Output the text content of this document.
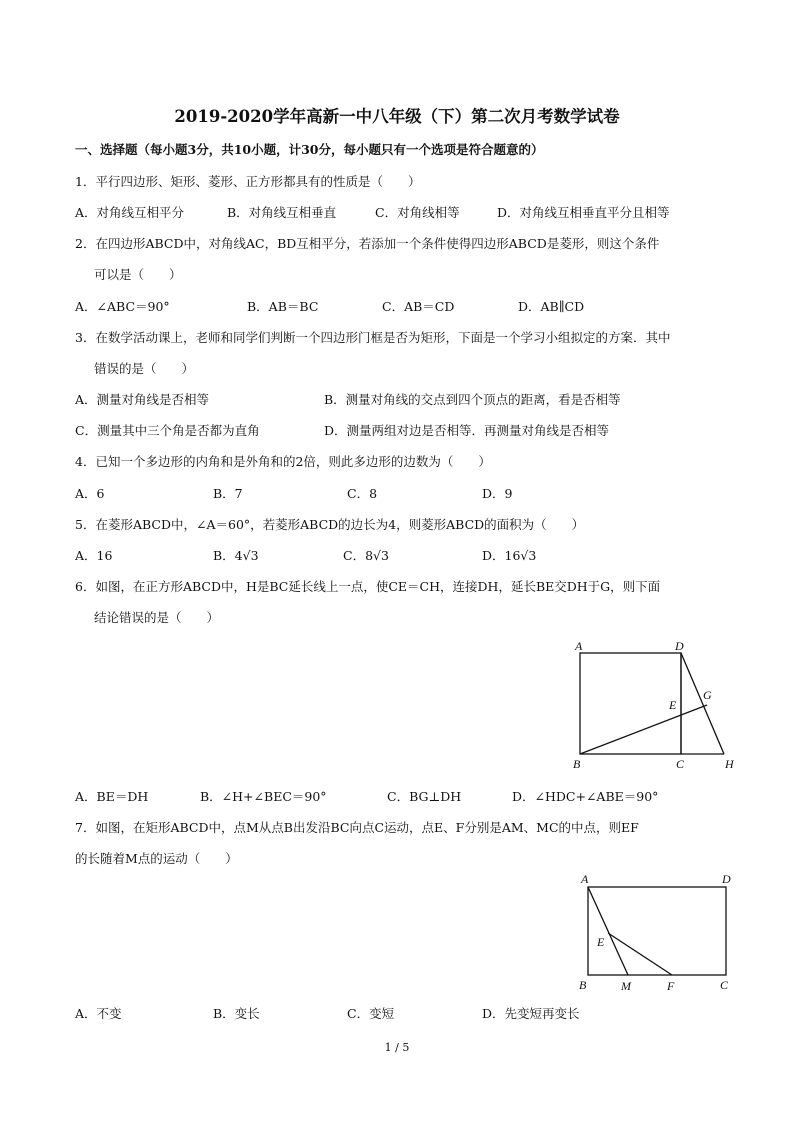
2019-2020学年高新一中八年级（下）第二次月考数学试卷
一、选择题（每小题3分，共10小题，计30分，每小题只有一个选项是符合题意的）
1．平行四边形、矩形、菱形、正方形都具有的性质是（　　）
A．对角线互相平分	B．对角线互相垂直	C．对角线相等	D．对角线互相垂直平分且相等
2．在四边形ABCD中，对角线AC，BD互相平分，若添加一个条件使得四边形ABCD是菱形，则这个条件
可以是（　　）
A．∠ABC＝90°	B．AB＝BC	C．AB＝CD	D．AB∥CD
3．在数学活动课上，老师和同学们判断一个四边形门框是否为矩形，下面是一个学习小组拟定的方案．其中
错误的是（　　）
A．测量对角线是否相等	B．测量对角线的交点到四个顶点的距离，看是否相等
C．测量其中三个角是否都为直角	D．测量两组对边是否相等．再测量对角线是否相等
4．已知一个多边形的内角和是外角和的2倍，则此多边形的边数为（　　）
A．6	B．7	C．8	D．9
5．在菱形ABCD中，∠A＝60°，若菱形ABCD的边长为4，则菱形ABCD的面积为（　　）
A．16	B．4√3	C．8√3	D．16√3
6．如图，在正方形ABCD中，H是BC延长线上一点，使CE＝CH，连接DH，延长BE交DH于G，则下面
结论错误的是（　　）
A	D
G
E
B	C	H
A．BE＝DH	B．∠H+∠BEC＝90°	C．BG⊥DH	D．∠HDC+∠ABE＝90°
7．如图，在矩形ABCD中，点M从点B出发沿BC向点C运动，点E、F分别是AM、MC的中点，则EF
的长随着M点的运动（　　）
A	D
E
B	M	F	C
A．不变	B．变长	C．变短	D．先变短再变长
1 / 5
